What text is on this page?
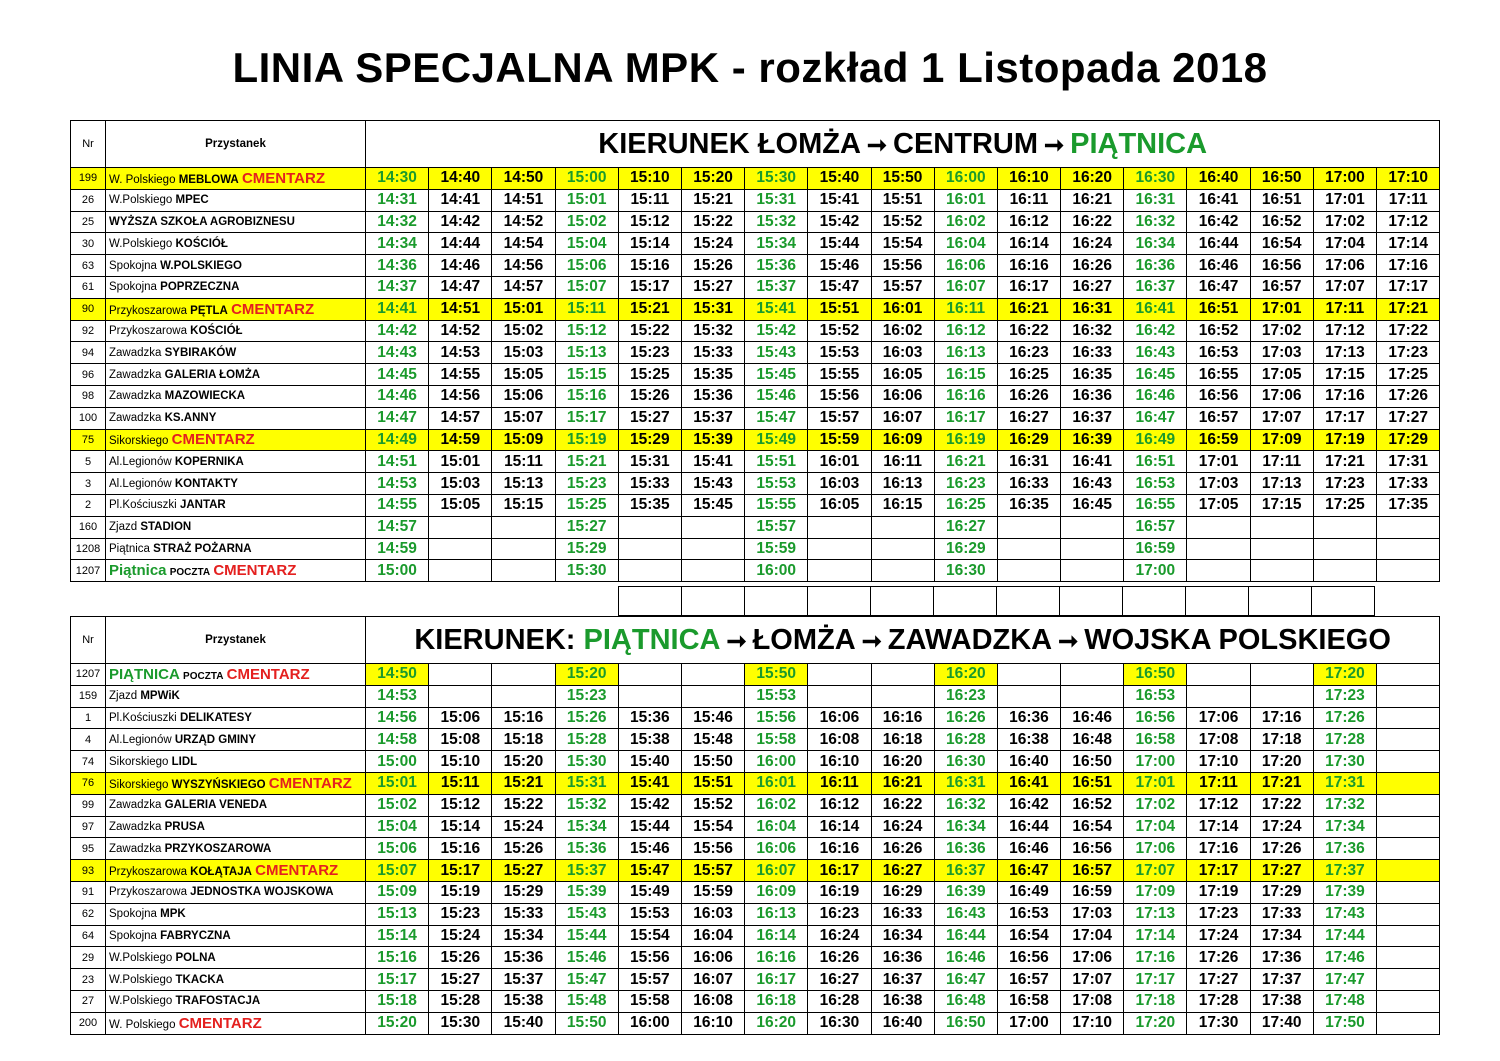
LINIA SPECJALNA MPK - rozkład 1 Listopada 2018
Nr	Przystanek	KIERUNEK ŁOMŻA ➞ CENTRUM ➞ PIĄTNICA																
199	W. Polskiego MEBLOWA CMENTARZ	14:30	14:40	14:50	15:00	15:10	15:20	15:30	15:40	15:50	16:00	16:10	16:20	16:30	16:40	16:50	17:00	17:10
26	W.Polskiego MPEC	14:31	14:41	14:51	15:01	15:11	15:21	15:31	15:41	15:51	16:01	16:11	16:21	16:31	16:41	16:51	17:01	17:11
25	WYŻSZA SZKOŁA AGROBIZNESU	14:32	14:42	14:52	15:02	15:12	15:22	15:32	15:42	15:52	16:02	16:12	16:22	16:32	16:42	16:52	17:02	17:12
30	W.Polskiego KOŚCIÓŁ	14:34	14:44	14:54	15:04	15:14	15:24	15:34	15:44	15:54	16:04	16:14	16:24	16:34	16:44	16:54	17:04	17:14
63	Spokojna W.POLSKIEGO	14:36	14:46	14:56	15:06	15:16	15:26	15:36	15:46	15:56	16:06	16:16	16:26	16:36	16:46	16:56	17:06	17:16
61	Spokojna POPRZECZNA	14:37	14:47	14:57	15:07	15:17	15:27	15:37	15:47	15:57	16:07	16:17	16:27	16:37	16:47	16:57	17:07	17:17
90	Przykoszarowa PĘTLA CMENTARZ	14:41	14:51	15:01	15:11	15:21	15:31	15:41	15:51	16:01	16:11	16:21	16:31	16:41	16:51	17:01	17:11	17:21
92	Przykoszarowa KOŚCIÓŁ	14:42	14:52	15:02	15:12	15:22	15:32	15:42	15:52	16:02	16:12	16:22	16:32	16:42	16:52	17:02	17:12	17:22
94	Zawadzka SYBIRAKÓW	14:43	14:53	15:03	15:13	15:23	15:33	15:43	15:53	16:03	16:13	16:23	16:33	16:43	16:53	17:03	17:13	17:23
96	Zawadzka GALERIA ŁOMŻA	14:45	14:55	15:05	15:15	15:25	15:35	15:45	15:55	16:05	16:15	16:25	16:35	16:45	16:55	17:05	17:15	17:25
98	Zawadzka MAZOWIECKA	14:46	14:56	15:06	15:16	15:26	15:36	15:46	15:56	16:06	16:16	16:26	16:36	16:46	16:56	17:06	17:16	17:26
100	Zawadzka KS.ANNY	14:47	14:57	15:07	15:17	15:27	15:37	15:47	15:57	16:07	16:17	16:27	16:37	16:47	16:57	17:07	17:17	17:27
75	Sikorskiego CMENTARZ	14:49	14:59	15:09	15:19	15:29	15:39	15:49	15:59	16:09	16:19	16:29	16:39	16:49	16:59	17:09	17:19	17:29
5	Al.Legionów KOPERNIKA	14:51	15:01	15:11	15:21	15:31	15:41	15:51	16:01	16:11	16:21	16:31	16:41	16:51	17:01	17:11	17:21	17:31
3	Al.Legionów KONTAKTY	14:53	15:03	15:13	15:23	15:33	15:43	15:53	16:03	16:13	16:23	16:33	16:43	16:53	17:03	17:13	17:23	17:33
2	Pl.Kościuszki JANTAR	14:55	15:05	15:15	15:25	15:35	15:45	15:55	16:05	16:15	16:25	16:35	16:45	16:55	17:05	17:15	17:25	17:35
160	Zjazd STADION	14:57			15:27			15:57			16:27			16:57				
1208	Piątnica STRAŻ POŻARNA	14:59			15:29			15:59			16:29			16:59				
1207	Piątnica POCZTA CMENTARZ	15:00			15:30			16:00			16:30			17:00				

Nr	Przystanek	KIERUNEK: PIĄTNICA ➞ ŁOMŻA ➞ ZAWADZKA ➞ WOJSKA POLSKIEGO																
1207	PIĄTNICA POCZTA CMENTARZ	14:50			15:20			15:50			16:20			16:50			17:20	
159	Zjazd MPWiK	14:53			15:23			15:53			16:23			16:53			17:23	
1	Pl.Kościuszki DELIKATESY	14:56	15:06	15:16	15:26	15:36	15:46	15:56	16:06	16:16	16:26	16:36	16:46	16:56	17:06	17:16	17:26	
4	Al.Legionów URZĄD GMINY	14:58	15:08	15:18	15:28	15:38	15:48	15:58	16:08	16:18	16:28	16:38	16:48	16:58	17:08	17:18	17:28	
74	Sikorskiego LIDL	15:00	15:10	15:20	15:30	15:40	15:50	16:00	16:10	16:20	16:30	16:40	16:50	17:00	17:10	17:20	17:30	
76	Sikorskiego WYSZYŃSKIEGO CMENTARZ	15:01	15:11	15:21	15:31	15:41	15:51	16:01	16:11	16:21	16:31	16:41	16:51	17:01	17:11	17:21	17:31	
99	Zawadzka GALERIA VENEDA	15:02	15:12	15:22	15:32	15:42	15:52	16:02	16:12	16:22	16:32	16:42	16:52	17:02	17:12	17:22	17:32	
97	Zawadzka PRUSA	15:04	15:14	15:24	15:34	15:44	15:54	16:04	16:14	16:24	16:34	16:44	16:54	17:04	17:14	17:24	17:34	
95	Zawadzka PRZYKOSZAROWA	15:06	15:16	15:26	15:36	15:46	15:56	16:06	16:16	16:26	16:36	16:46	16:56	17:06	17:16	17:26	17:36	
93	Przykoszarowa KOŁĄTAJA CMENTARZ	15:07	15:17	15:27	15:37	15:47	15:57	16:07	16:17	16:27	16:37	16:47	16:57	17:07	17:17	17:27	17:37	
91	Przykoszarowa JEDNOSTKA WOJSKOWA	15:09	15:19	15:29	15:39	15:49	15:59	16:09	16:19	16:29	16:39	16:49	16:59	17:09	17:19	17:29	17:39	
62	Spokojna MPK	15:13	15:23	15:33	15:43	15:53	16:03	16:13	16:23	16:33	16:43	16:53	17:03	17:13	17:23	17:33	17:43	
64	Spokojna FABRYCZNA	15:14	15:24	15:34	15:44	15:54	16:04	16:14	16:24	16:34	16:44	16:54	17:04	17:14	17:24	17:34	17:44	
29	W.Polskiego POLNA	15:16	15:26	15:36	15:46	15:56	16:06	16:16	16:26	16:36	16:46	16:56	17:06	17:16	17:26	17:36	17:46	
23	W.Polskiego TKACKA	15:17	15:27	15:37	15:47	15:57	16:07	16:17	16:27	16:37	16:47	16:57	17:07	17:17	17:27	17:37	17:47	
27	W.Polskiego TRAFOSTACJA	15:18	15:28	15:38	15:48	15:58	16:08	16:18	16:28	16:38	16:48	16:58	17:08	17:18	17:28	17:38	17:48	
200	W. Polskiego CMENTARZ	15:20	15:30	15:40	15:50	16:00	16:10	16:20	16:30	16:40	16:50	17:00	17:10	17:20	17:30	17:40	17:50	
